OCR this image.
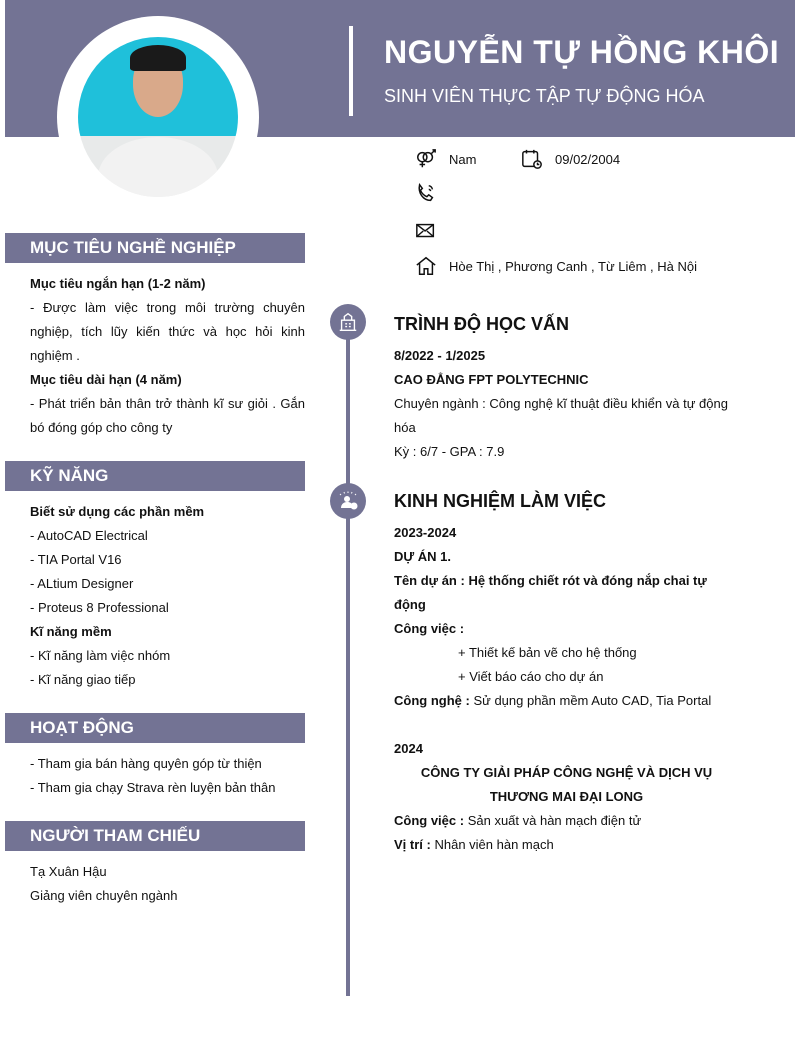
NGUYỄN TỰ HỒNG KHÔI
SINH VIÊN THỰC TẬP TỰ ĐỘNG HÓA
Nam	09/02/2004
Hòe Thị , Phương Canh , Từ Liêm , Hà Nội
MỤC TIÊU NGHỀ NGHIỆP
Mục tiêu ngắn hạn (1-2 năm)
- Được làm việc trong môi trường chuyên nghiệp, tích lũy kiến thức và học hỏi kinh nghiệm .
Mục tiêu dài hạn (4 năm)
- Phát triển bản thân trở thành kĩ sư giỏi . Gắn bó đóng góp cho công ty
KỸ NĂNG
Biết sử dụng các phần mềm
- AutoCAD Electrical
- TIA Portal V16
- ALtium Designer
- Proteus 8 Professional
Kĩ năng mềm
- Kĩ năng làm việc nhóm
- Kĩ năng giao tiếp
HOẠT ĐỘNG
- Tham gia bán hàng quyên góp từ thiện
- Tham gia chạy Strava rèn luyện bản thân
NGƯỜI THAM CHIẾU
Tạ Xuân Hậu
Giảng viên chuyên ngành
TRÌNH ĐỘ HỌC VẤN
8/2022 - 1/2025
CAO ĐẲNG FPT POLYTECHNIC
Chuyên ngành : Công nghệ kĩ thuật điều khiển và tự động hóa
Kỳ : 6/7 - GPA : 7.9
KINH NGHIỆM LÀM VIỆC
2023-2024
DỰ ÁN 1.
Tên dự án : Hệ thống chiết rót và đóng nắp chai tự động
Công việc :
+ Thiết kế bản vẽ cho hệ thống
+ Viết báo cáo cho dự án
Công nghệ : Sử dụng phần mềm Auto CAD, Tia Portal
2024
CÔNG TY GIẢI PHÁP CÔNG NGHỆ VÀ DỊCH VỤ THƯƠNG MAI ĐẠI LONG
Công việc : Sản xuất và hàn mạch điện tử
Vị trí : Nhân viên hàn mạch
